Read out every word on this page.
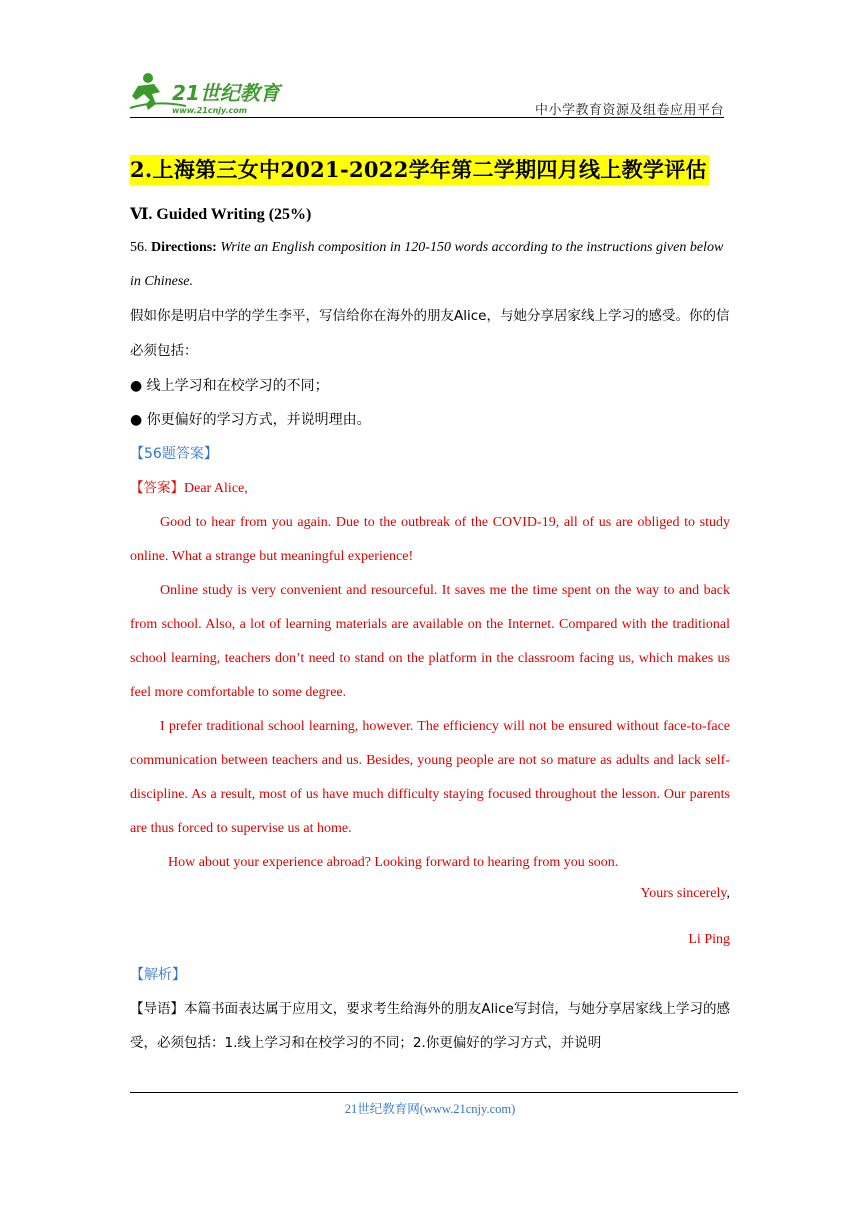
21世纪教育
www.21cnjy.com	中小学教育资源及组卷应用平台
2.上海第三女中2021-2022学年第二学期四月线上教学评估
Ⅵ. Guided Writing (25%)
56. Directions: Write an English composition in 120-150 words according to the instructions given below in Chinese.
假如你是明启中学的学生李平，写信给你在海外的朋友Alice，与她分享居家线上学习的感受。你的信必须包括：
● 线上学习和在校学习的不同；
● 你更偏好的学习方式，并说明理由。
【56题答案】
【答案】Dear Alice,

Good to hear from you again. Due to the outbreak of the COVID-19, all of us are obliged to study online. What a strange but meaningful experience!

Online study is very convenient and resourceful. It saves me the time spent on the way to and back from school. Also, a lot of learning materials are available on the Internet. Compared with the traditional school learning, teachers don’t need to stand on the platform in the classroom facing us, which makes us feel more comfortable to some degree.

I prefer traditional school learning, however. The efficiency will not be ensured without face-to-face communication between teachers and us. Besides, young people are not so mature as adults and lack self-discipline. As a result, most of us have much difficulty staying focused throughout the lesson. Our parents are thus forced to supervise us at home.

How about your experience abroad? Looking forward to hearing from you soon.

Yours sincerely,
Li Ping
【解析】
【导语】本篇书面表达属于应用文，要求考生给海外的朋友Alice写封信，与她分享居家线上学习的感受，必须包括：1.线上学习和在校学习的不同；2.你更偏好的学习方式，并说明
21世纪教育网(www.21cnjy.com)
